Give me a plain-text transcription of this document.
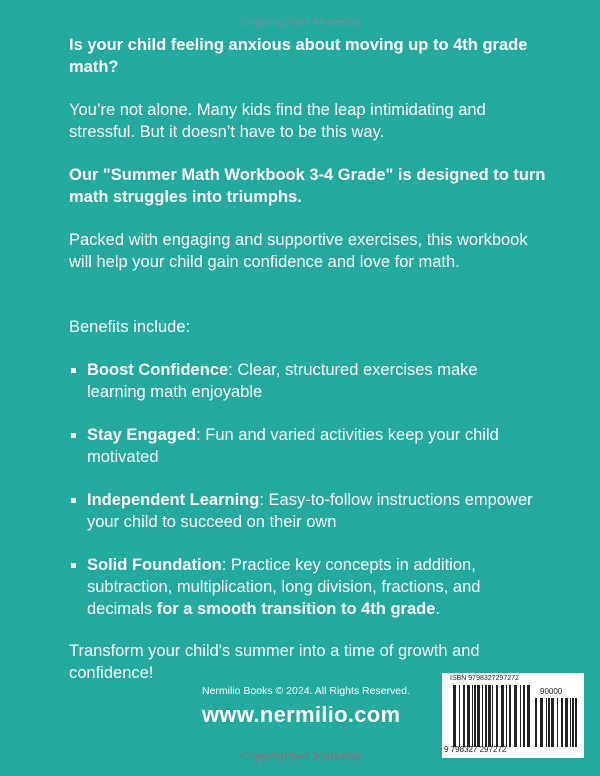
Copyrighted Material

Is your child feeling anxious about moving up to 4th grade math?

You’re not alone. Many kids find the leap intimidating and stressful. But it doesn’t have to be this way.

Our "Summer Math Workbook 3-4 Grade" is designed to turn math struggles into triumphs.

Packed with engaging and supportive exercises, this workbook will help your child gain confidence and love for math.

Benefits include:

Boost Confidence: Clear, structured exercises make learning math enjoyable
Stay Engaged: Fun and varied activities keep your child motivated
Independent Learning: Easy-to-follow instructions empower your child to succeed on their own
Solid Foundation: Practice key concepts in addition, subtraction, multiplication, long division, fractions, and decimals for a smooth transition to 4th grade.

Transform your child's summer into a time of growth and confidence!

Nermilio Books © 2024. All Rights Reserved.
www.nermilio.com
Copyrighted Material
ISBN 9798327297272
90000
9 798327 297272
